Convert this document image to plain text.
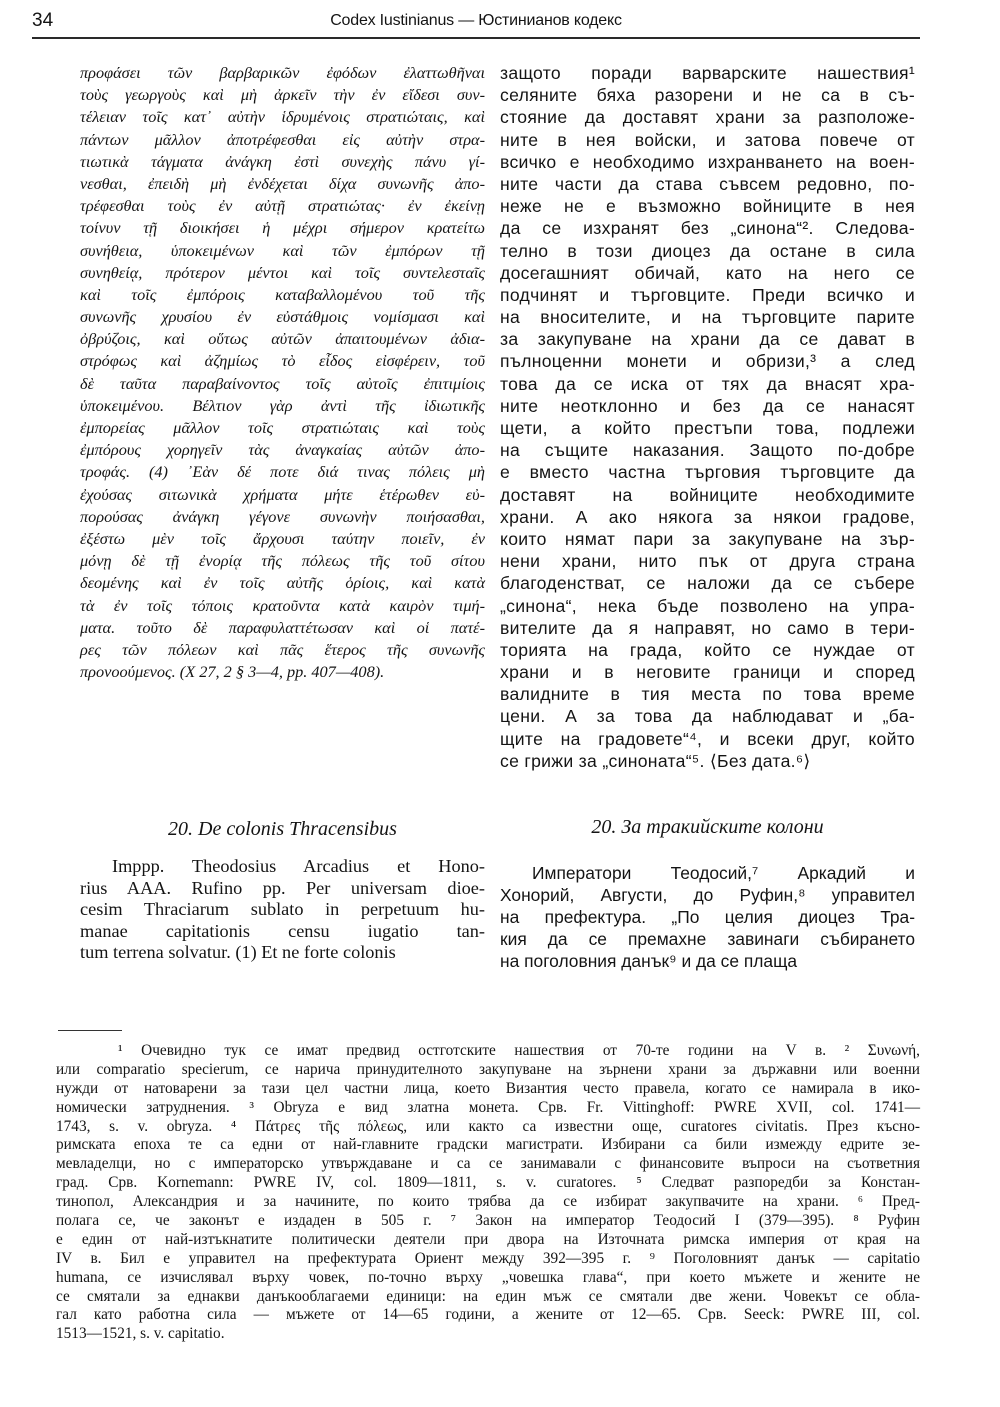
34	Codex Iustinianus — Юстинианов кодекс
προφάσει τῶν βαρβαρικῶν ἐφόδων ἐλαττωθῆναι
τοὺς γεωργοὺς καὶ μὴ ἀρκεῖν τὴν ἐν εἴδεσι συν-
τέλειαν τοῖς κατ᾿ αὐτὴν ἱδρυμένοις στρατιώταις, καὶ
πάντων μᾶλλον ἀποτρέφεσθαι εἰς αὐτὴν στρα-
τιωτικὰ τάγματα ἀνάγκη ἐστὶ συνεχὴς πάνυ γί-
νεσθαι, ἐπειδὴ μὴ ἐνδέχεται δίχα συνωνῆς ἀπο-
τρέφεσθαι τοὺς ἐν αὐτῇ στρατιώτας· ἐν ἐκείνῃ
τοίνυν τῇ διοικήσει ἡ μέχρι σήμερον κρατείτω
συνήθεια, ὑποκειμένων καὶ τῶν ἐμπόρων τῇ
συνηθείᾳ, πρότερον μέντοι καὶ τοῖς συντελεσταῖς
καὶ τοῖς ἐμπόροις καταβαλλομένου τοῦ τῆς
συνωνῆς χρυσίου ἐν εὐστάθμοις νομίσμασι καὶ
ὀβρύζοις, καὶ οὕτως αὐτῶν ἀπαιτουμένων ἀδια-
στρόφως καὶ ἀζημίως τὸ εἶδος εἰσφέρειν, τοῦ
δὲ ταῦτα παραβαίνοντος τοῖς αὐτοῖς ἐπιτιμίοις
ὑποκειμένου. Βέλτιον γὰρ ἀντὶ τῆς ἰδιωτικῆς
ἐμπορείας μᾶλλον τοῖς στρατιώταις καὶ τοὺς
ἐμπόρους χορηγεῖν τὰς ἀναγκαίας αὐτῶν ἀπο-
τροφάς. (4) ᾿Εὰν δέ ποτε διά τινας πόλεις μὴ
ἐχούσας σιτωνικὰ χρήματα μήτε ἑτέρωθεν εὐ-
πορούσας ἀνάγκη γέγονε συνωνὴν ποιήσασθαι,
ἐξέστω μὲν τοῖς ἄρχουσι ταύτην ποιεῖν, ἐν
μόνῃ δὲ τῇ ἐνορίᾳ τῆς πόλεως τῆς τοῦ σίτου
δεομένης καὶ ἐν τοῖς αὐτῆς ὁρίοις, καὶ κατὰ
τὰ ἐν τοῖς τόποις κρατοῦντα κατὰ καιρὸν τιμή-
ματα. τοῦτο δὲ παραφυλαττέτωσαν καὶ οἱ πατέ-
ρες τῶν πόλεων καὶ πᾶς ἕτερος τῆς συνωνῆς
προνοούμενος. (X 27, 2 § 3—4, pp. 407—408).
защото поради варварските нашествия¹
селяните бяха разорени и не са в съ-
стояние да доставят храни за разположе-
ните в нея войски, и затова повече от
всичко е необходимо изхранването на воен-
ните части да става съвсем редовно, по-
неже не е възможно войниците в нея
да се изхранят без „синона“². Следова-
телно в този диоцез да остане в сила
досегашният обичай, като на него се
подчинят и търговците. Преди всичко и
на вносителите, и на търговците парите
за закупуване на храни да се дават в
пълноценни монети и обризи,³ а след
това да се иска от тях да внасят хра-
ните неотклонно и без да се нанасят
щети, а който престъпи това, подлежи
на същите наказания. Защото по-добре
е вместо частна търговия търговците да
доставят на войниците необходимите
храни. А ако някога за някои градове,
които нямат пари за закупуване на зър-
нени храни, нито пък от друга страна
благоденстват, се наложи да се събере
„синона“, нека бъде позволено на упра-
вителите да я направят, но само в тери-
торията на града, който се нуждае от
храни и в неговите граници и според
валидните в тия места по това време
цени. А за това да наблюдават и „ба-
щите на градовете“⁴, и всеки друг, който
се грижи за „синоната“⁵. ⟨Без дата.⁶⟩
20. De colonis Thracensibus	20. За тракийските колони
Imppp. Theodosius Arcadius et Hono-
rius AAA. Rufino pp. Per universam dioe-
cesim Thraciarum sublato in perpetuum hu-
manae capitationis censu iugatio tan-
tum terrena solvatur. (1) Et ne forte colonis
Императори Теодосий,⁷ Аркадий и
Хонорий, Августи, до Руфин,⁸ управител
на префектура. „По целия диоцез Тра-
кия да се премахне завинаги събирането
на поголовния данък⁹ и да се плаща
¹ Очевидно тук се имат предвид остготските нашествия от 70-те години на V в. ² Συνωνή,
или comparatio specierum, се нарича принудителното закупуване на зърнени храни за държавни или военни
нужди от натоварени за тази цел частни лица, което Византия често правела, когато се намирала в ико-
номически затруднения. ³ Obryza е вид златна монета. Срв. Fr. Vittinghoff: PWRE XVII, col. 1741—
1743, s. v. obryza. ⁴ Πάτρες τῆς πόλεως, или както са известни още, curatores civitatis. През късно-
римската епоха те са едни от най-главните градски магистрати. Избирани са били измежду едрите зе-
мевладелци, но с императорско утвърждаване и са се занимавали с финансовите въпроси на съответния
град. Срв. Kornemann: PWRE IV, col. 1809—1811, s. v. curatores. ⁵ Следват разпоредби за Констан-
тинопол, Александрия и за начините, по които трябва да се избират закупвачите на храни. ⁶ Пред-
полага се, че законът е издаден в 505 г. ⁷ Закон на император Теодосий I (379—395). ⁸ Руфин
е един от най-изтъкнатите политически деятели при двора на Източната римска империя от края на
IV в. Бил е управител на префектурата Ориент между 392—395 г. ⁹ Поголовният данък — capitatio
humana, се изчислявал върху човек, по-точно върху „човешка глава“, при което мъжете и жените не
се смятали за еднакви данъкооблагаеми единици: на един мъж се смятали две жени. Човекът се обла-
гал като работна сила — мъжете от 14—65 години, а жените от 12—65. Срв. Seeck: PWRE III, col.
1513—1521, s. v. capitatio.
